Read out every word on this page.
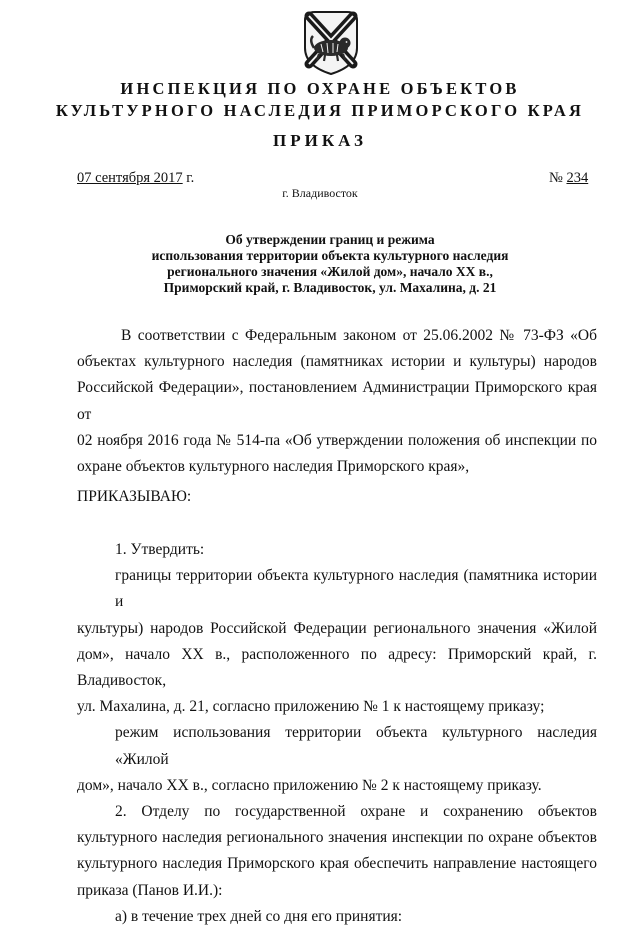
ИНСПЕКЦИЯ ПО ОХРАНЕ ОБЪЕКТОВ
КУЛЬТУРНОГО НАСЛЕДИЯ ПРИМОРСКОГО КРАЯ
ПРИКАЗ
07 сентября 2017 г.	№ 234
г. Владивосток
Об утверждении границ и режима
использования территории объекта культурного наследия
регионального значения «Жилой дом», начало XX в.,
Приморский край, г. Владивосток, ул. Махалина, д. 21
В соответствии с Федеральным законом от 25.06.2002 № 73-ФЗ «Об
объектах культурного наследия (памятниках истории и культуры) народов
Российской Федерации», постановлением Администрации Приморского края от
02 ноября 2016 года № 514-па «Об утверждении положения об инспекции по
охране объектов культурного наследия Приморского края»,
ПРИКАЗЫВАЮ:
1. Утвердить:
границы территории объекта культурного наследия (памятника истории и
культуры) народов Российской Федерации регионального значения «Жилой
дом», начало XX в., расположенного по адресу: Приморский край, г. Владивосток,
ул. Махалина, д. 21, согласно приложению № 1 к настоящему приказу;
режим использования территории объекта культурного наследия «Жилой
дом», начало XX в., согласно приложению № 2 к настоящему приказу.
2.   Отделу   по   государственной   охране   и   сохранению   объектов
культурного наследия регионального значения инспекции по охране объектов
культурного наследия Приморского края обеспечить направление настоящего
приказа (Панов И.И.):
а) в течение трех дней со дня его принятия:
